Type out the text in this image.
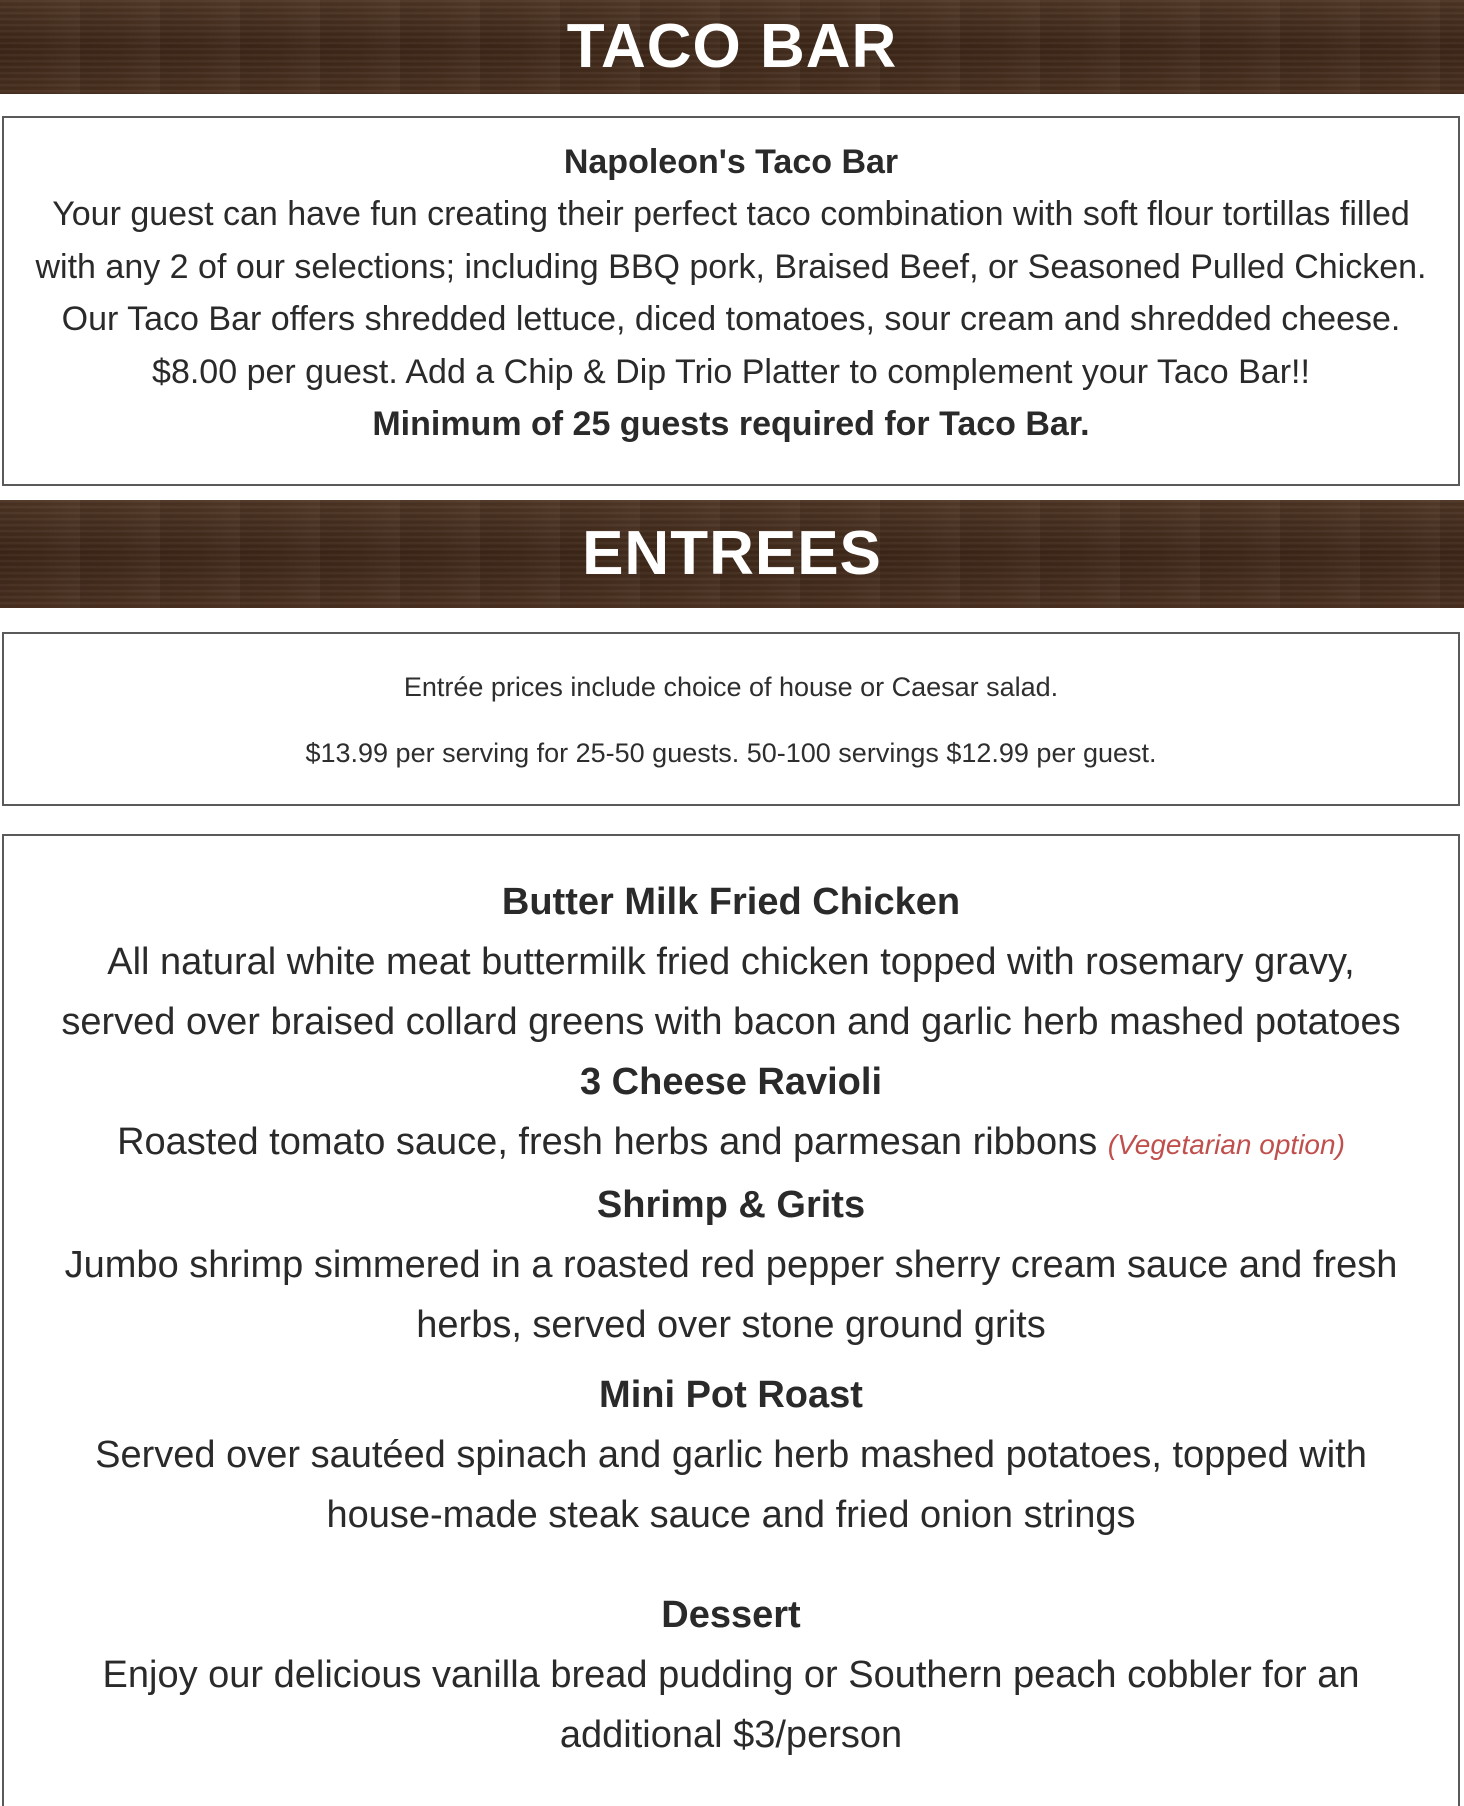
TACO BAR
Napoleon's Taco Bar
Your guest can have fun creating their perfect taco combination with soft flour tortillas filled
with any 2 of our selections; including BBQ pork, Braised Beef, or Seasoned Pulled Chicken.
Our Taco Bar offers shredded lettuce, diced tomatoes, sour cream and shredded cheese.
$8.00 per guest. Add a Chip & Dip Trio Platter to complement your Taco Bar!!
Minimum of 25 guests required for Taco Bar.
ENTREES
Entrée prices include choice of house or Caesar salad.
$13.99 per serving for 25-50 guests. 50-100 servings $12.99 per guest.
Butter Milk Fried Chicken
All natural white meat buttermilk fried chicken topped with rosemary gravy,
served over braised collard greens with bacon and garlic herb mashed potatoes
3 Cheese Ravioli
Roasted tomato sauce, fresh herbs and parmesan ribbons (Vegetarian option)
Shrimp & Grits
Jumbo shrimp simmered in a roasted red pepper sherry cream sauce and fresh
herbs, served over stone ground grits
Mini Pot Roast
Served over sautéed spinach and garlic herb mashed potatoes, topped with
house-made steak sauce and fried onion strings
Dessert
Enjoy our delicious vanilla bread pudding or Southern peach cobbler for an
additional $3/person
